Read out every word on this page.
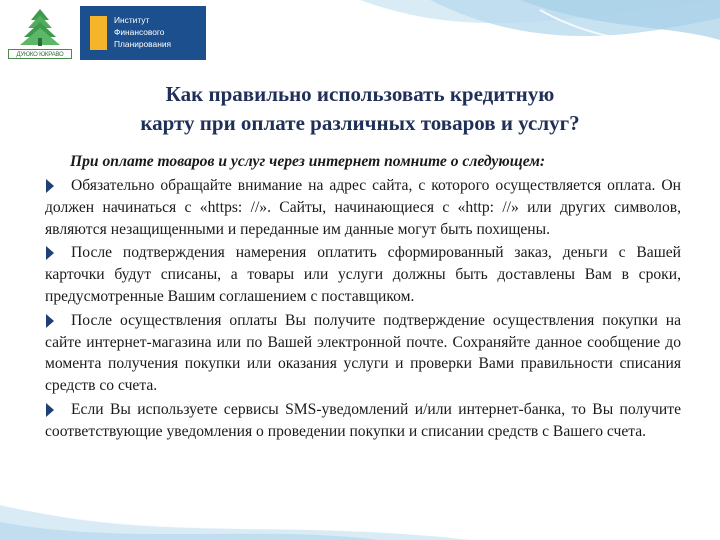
ДУЮКО ЮКРАВО
Институт
Финансового
Планирования
Как правильно использовать кредитную
карту при оплате различных товаров и услуг?
При оплате товаров и услуг через интернет помните о следующем:
Обязательно обращайте внимание на адрес сайта, с которого осуществляется оплата. Он должен начинаться с «https: //». Сайты, начинающиеся с «http: //» или других символов, являются незащищенными и переданные им данные могут быть похищены.
После подтверждения намерения оплатить сформированный заказ, деньги с Вашей карточки будут списаны, а товары или услуги должны быть доставлены Вам в сроки, предусмотренные Вашим соглашением с поставщиком.
После осуществления оплаты Вы получите подтверждение осуществления покупки на сайте интернет-магазина или по Вашей электронной почте. Сохраняйте данное сообщение до момента получения покупки или оказания услуги и проверки Вами правильности списания средств со счета.
Если Вы используете сервисы SMS-уведомлений и/или интернет-банка, то Вы получите соответствующие уведомления о проведении покупки и списании средств с Вашего счета.
